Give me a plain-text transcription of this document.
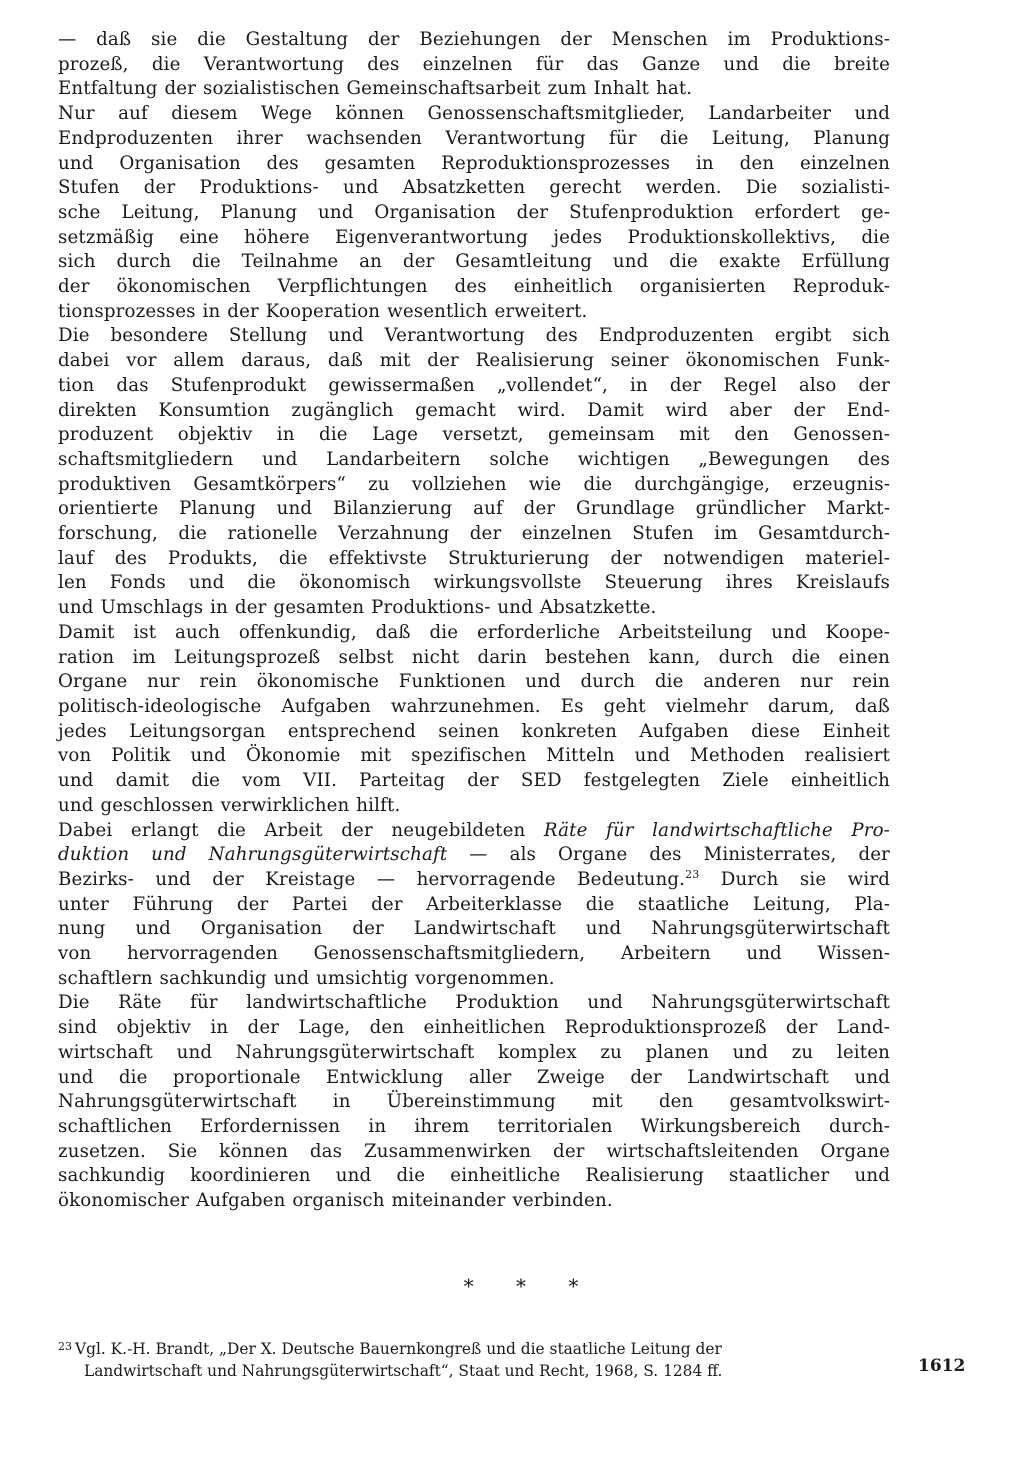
— daß sie die Gestaltung der Beziehungen der Menschen im Produktions-
prozeß, die Verantwortung des einzelnen für das Ganze und die breite
Entfaltung der sozialistischen Gemeinschaftsarbeit zum Inhalt hat.

Nur auf diesem Wege können Genossenschaftsmitglieder, Landarbeiter und
Endproduzenten ihrer wachsenden Verantwortung für die Leitung, Planung
und Organisation des gesamten Reproduktionsprozesses in den einzelnen
Stufen der Produktions- und Absatzketten gerecht werden. Die sozialisti-
sche Leitung, Planung und Organisation der Stufenproduktion erfordert ge-
setzmäßig eine höhere Eigenverantwortung jedes Produktionskollektivs, die
sich durch die Teilnahme an der Gesamtleitung und die exakte Erfüllung
der ökonomischen Verpflichtungen des einheitlich organisierten Reproduk-
tionsprozesses in der Kooperation wesentlich erweitert.

Die besondere Stellung und Verantwortung des Endproduzenten ergibt sich
dabei vor allem daraus, daß mit der Realisierung seiner ökonomischen Funk-
tion das Stufenprodukt gewissermaßen „vollendet“, in der Regel also der
direkten Konsumtion zugänglich gemacht wird. Damit wird aber der End-
produzent objektiv in die Lage versetzt, gemeinsam mit den Genossen-
schaftsmitgliedern und Landarbeitern solche wichtigen „Bewegungen des
produktiven Gesamtkörpers“ zu vollziehen wie die durchgängige, erzeugnis-
orientierte Planung und Bilanzierung auf der Grundlage gründlicher Markt-
forschung, die rationelle Verzahnung der einzelnen Stufen im Gesamtdurch-
lauf des Produkts, die effektivste Strukturierung der notwendigen materiel-
len Fonds und die ökonomisch wirkungsvollste Steuerung ihres Kreislaufs
und Umschlags in der gesamten Produktions- und Absatzkette.

Damit ist auch offenkundig, daß die erforderliche Arbeitsteilung und Koope-
ration im Leitungsprozeß selbst nicht darin bestehen kann, durch die einen
Organe nur rein ökonomische Funktionen und durch die anderen nur rein
politisch-ideologische Aufgaben wahrzunehmen. Es geht vielmehr darum, daß
jedes Leitungsorgan entsprechend seinen konkreten Aufgaben diese Einheit
von Politik und Ökonomie mit spezifischen Mitteln und Methoden realisiert
und damit die vom VII. Parteitag der SED festgelegten Ziele einheitlich
und geschlossen verwirklichen hilft.

Dabei erlangt die Arbeit der neugebildeten Räte für landwirtschaftliche Pro-
duktion und Nahrungsgüterwirtschaft — als Organe des Ministerrates, der
Bezirks- und der Kreistage — hervorragende Bedeutung.$^{23}$ Durch sie wird
unter Führung der Partei der Arbeiterklasse die staatliche Leitung, Pla-
nung und Organisation der Landwirtschaft und Nahrungsgüterwirtschaft
von hervorragenden Genossenschaftsmitgliedern, Arbeitern und Wissen-
schaftlern sachkundig und umsichtig vorgenommen.

Die Räte für landwirtschaftliche Produktion und Nahrungsgüterwirtschaft
sind objektiv in der Lage, den einheitlichen Reproduktionsprozeß der Land-
wirtschaft und Nahrungsgüterwirtschaft komplex zu planen und zu leiten
und die proportionale Entwicklung aller Zweige der Landwirtschaft und
Nahrungsgüterwirtschaft in Übereinstimmung mit den gesamtvolkswirt-
schaftlichen Erfordernissen in ihrem territorialen Wirkungsbereich durch-
zusetzen. Sie können das Zusammenwirken der wirtschaftsleitenden Organe
sachkundig koordinieren und die einheitliche Realisierung staatlicher und
ökonomischer Aufgaben organisch miteinander verbinden.

* * *
$^{23}$ Vgl. K.-H. Brandt, „Der X. Deutsche Bauernkongreß und die staatliche Leitung der
Landwirtschaft und Nahrungsgüterwirtschaft“, Staat und Recht, 1968, S. 1284 ff.	1612
